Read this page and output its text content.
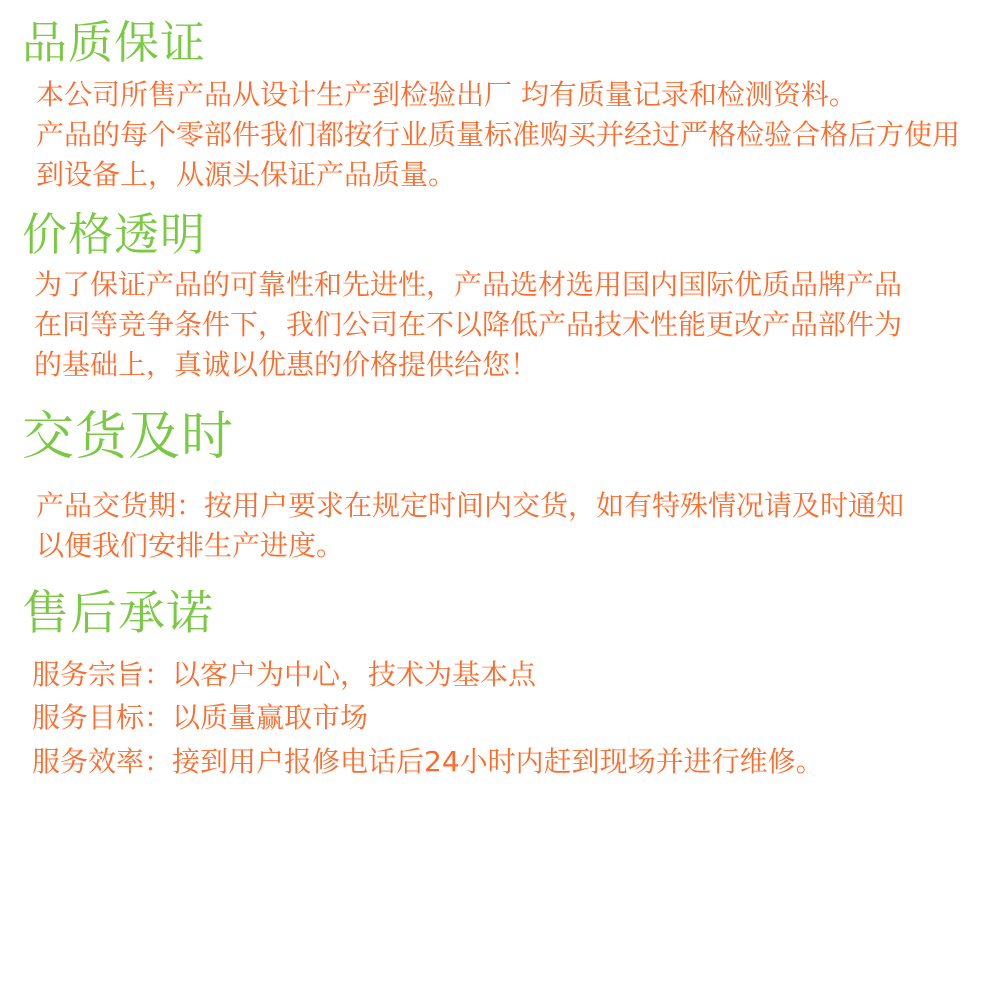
品质保证

本公司所售产品从设计生产到检验出厂 均有质量记录和检测资料。

产品的每个零部件我们都按行业质量标准购买并经过严格检验合格后方使用

到设备上，从源头保证产品质量。

价格透明

为了保证产品的可靠性和先进性，产品选材选用国内国际优质品牌产品

在同等竞争条件下，我们公司在不以降低产品技术性能更改产品部件为

的基础上，真诚以优惠的价格提供给您！

交货及时

产品交货期：按用户要求在规定时间内交货，如有特殊情况请及时通知

以便我们安排生产进度。

售后承诺

服务宗旨：以客户为中心，技术为基本点

服务目标：以质量赢取市场

服务效率：接到用户报修电话后24小时内赶到现场并进行维修。
